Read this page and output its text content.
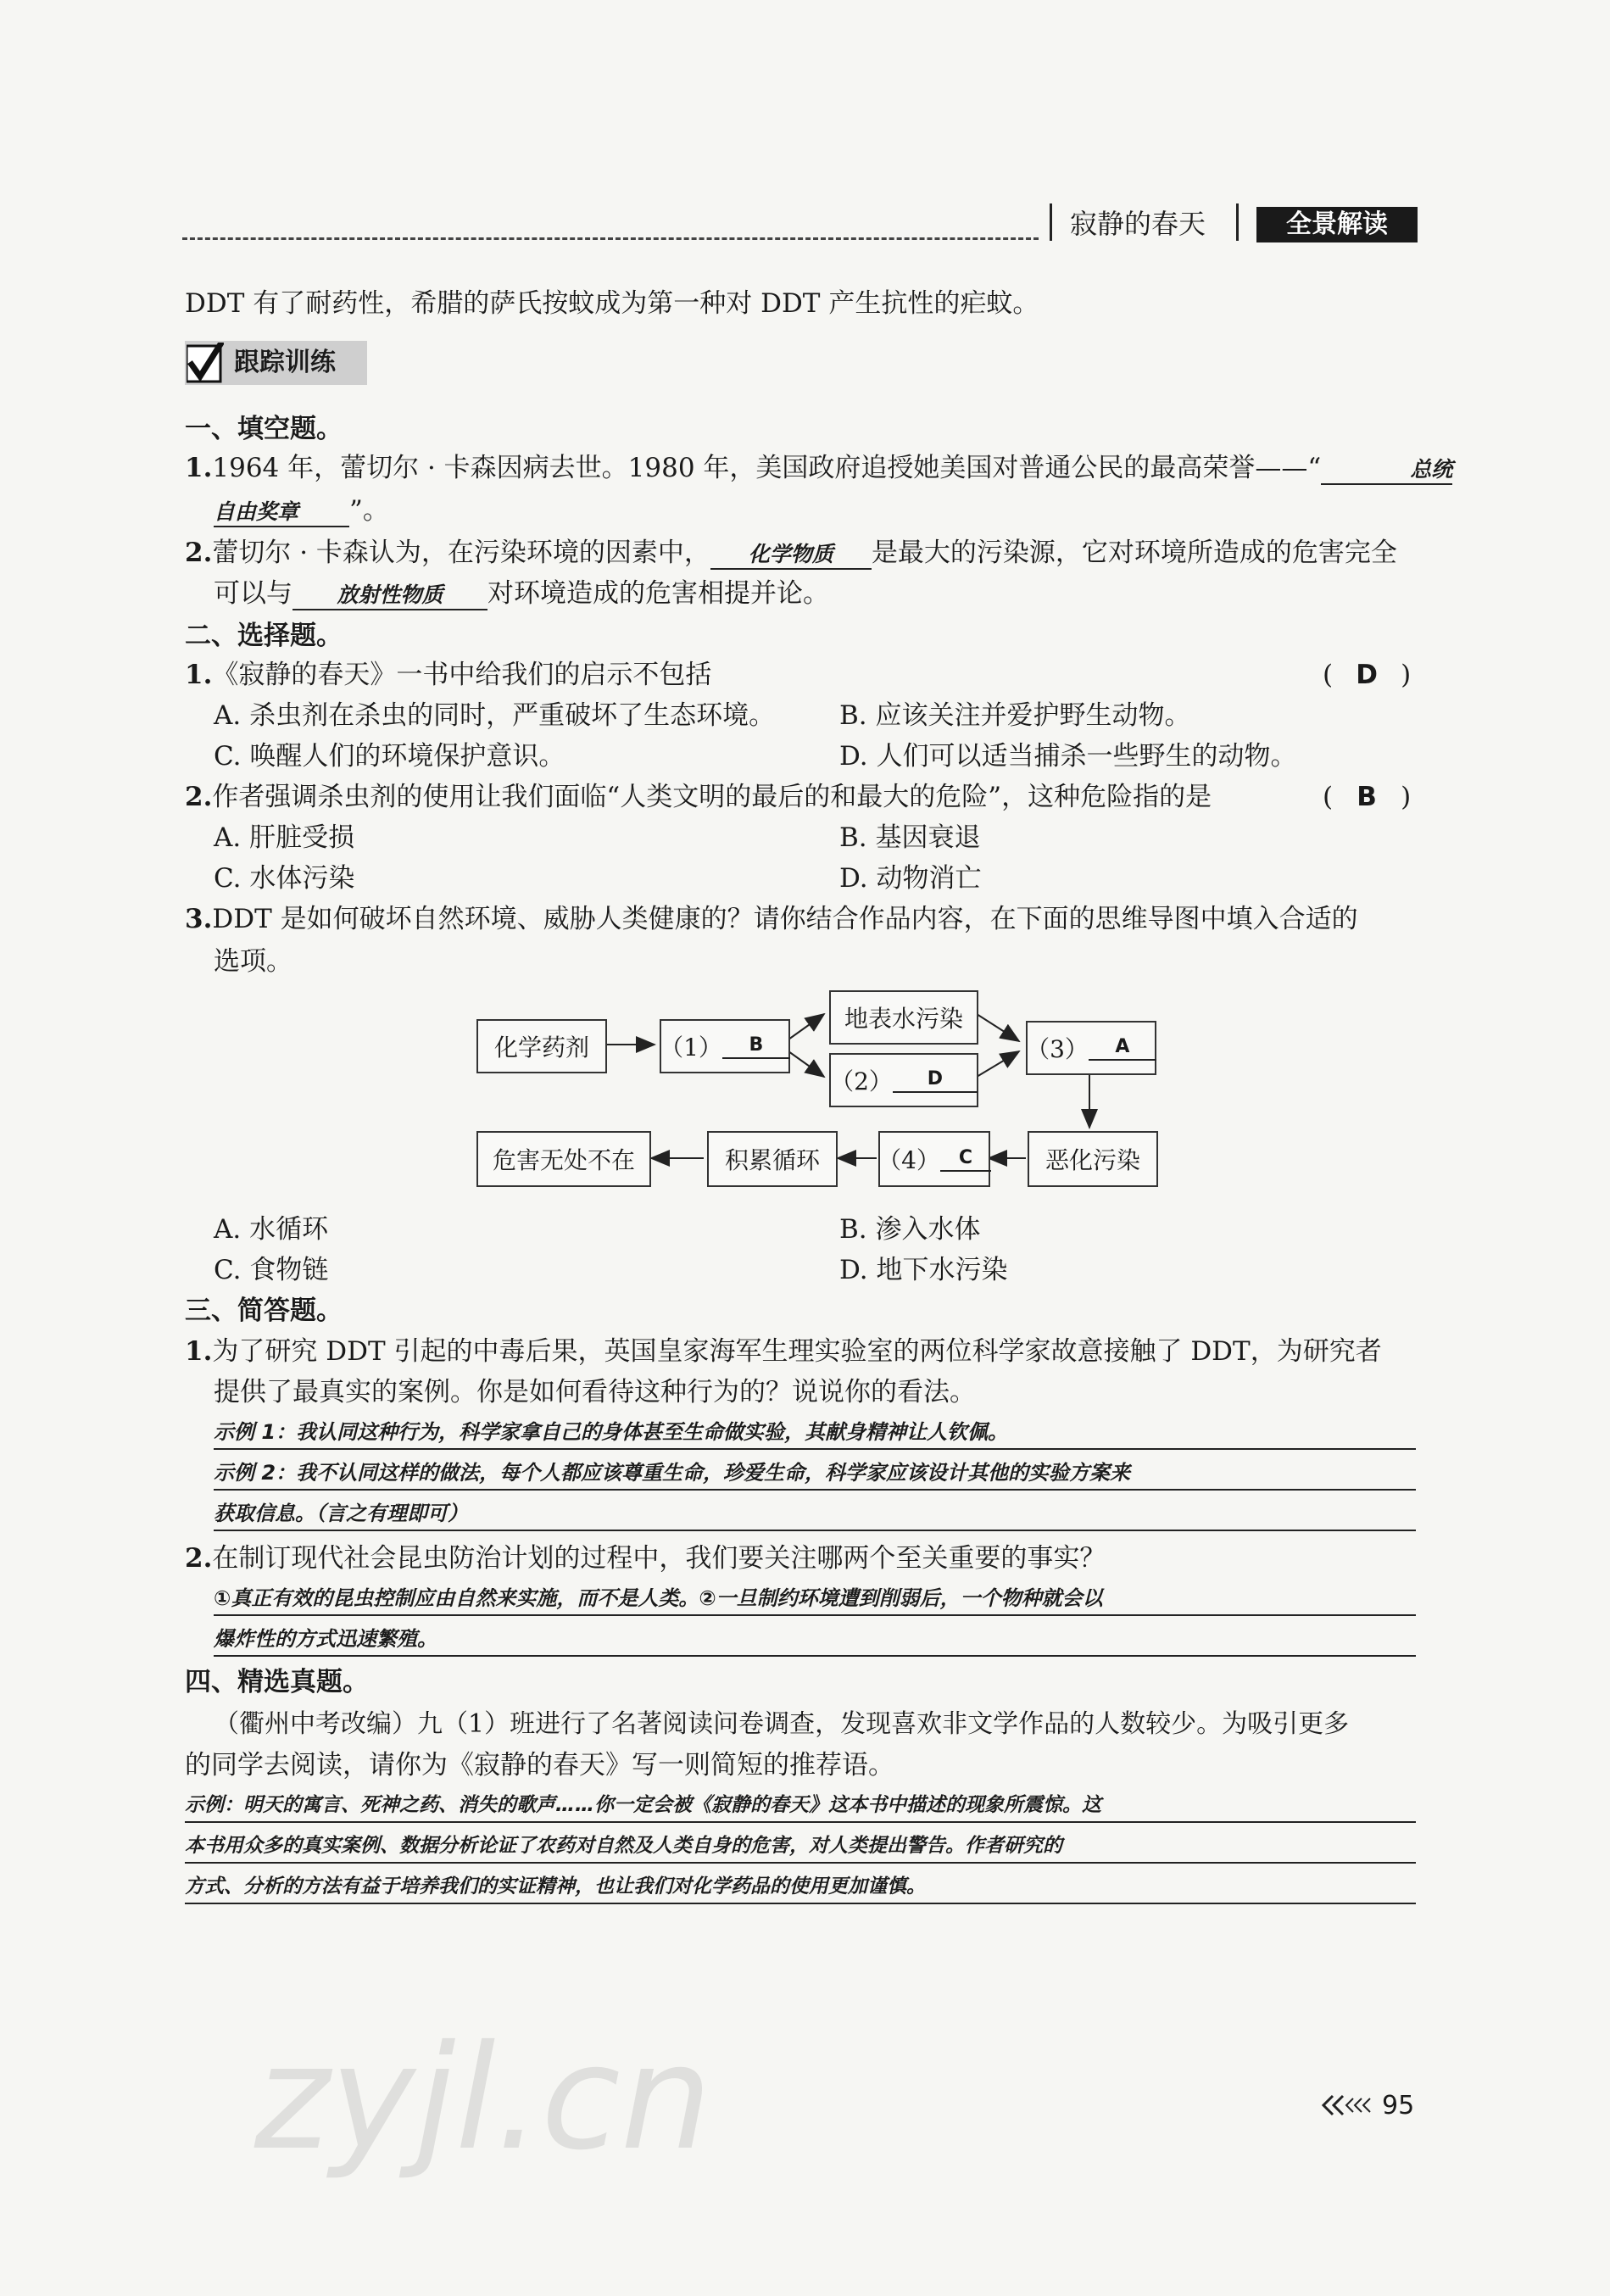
寂静的春天	全景解读
DDT 有了耐药性，希腊的萨氏按蚊成为第一种对 DDT 产生抗性的疟蚊。
跟踪训练
一、填空题。
1.1964 年，蕾切尔 · 卡森因病去世。1980 年，美国政府追授她美国对普通公民的最高荣誉——“	总统
自由奖章 ”。
2.蕾切尔 · 卡森认为，在污染环境的因素中， 化学物质 是最大的污染源，它对环境所造成的危害完全
可以与 放射性物质 对环境造成的危害相提并论。
二、选择题。
1.《寂静的春天》一书中给我们的启示不包括	( D )
A. 杀虫剂在杀虫的同时，严重破坏了生态环境。 B. 应该关注并爱护野生动物。
C. 唤醒人们的环境保护意识。	D. 人们可以适当捕杀一些野生的动物。
2.作者强调杀虫剂的使用让我们面临“人类文明的最后的和最大的危险”，这种危险指的是	( B )
A. 肝脏受损	B. 基因衰退
C. 水体污染	D. 动物消亡
3.DDT 是如何破坏自然环境、威胁人类健康的？请你结合作品内容，在下面的思维导图中填入合适的
选项。
化学药剂	（1）	B
地表水污染
（2）	D
（3）	A
恶化污染
（4） C
积累循环
危害无处不在
A. 水循环	B. 渗入水体
C. 食物链	D. 地下水污染
三、简答题。
1.为了研究 DDT 引起的中毒后果，英国皇家海军生理实验室的两位科学家故意接触了 DDT，为研究者
提供了最真实的案例。你是如何看待这种行为的？说说你的看法。
示例 1：我认同这种行为，科学家拿自己的身体甚至生命做实验，其献身精神让人钦佩。
示例 2：我不认同这样的做法，每个人都应该尊重生命，珍爱生命，科学家应该设计其他的实验方案来
获取信息。（言之有理即可）
2.在制订现代社会昆虫防治计划的过程中，我们要关注哪两个至关重要的事实？
①真正有效的昆虫控制应由自然来实施，而不是人类。②一旦制约环境遭到削弱后，一个物种就会以
爆炸性的方式迅速繁殖。
四、精选真题。
（衢州中考改编）九（1）班进行了名著阅读问卷调查，发现喜欢非文学作品的人数较少。为吸引更多
的同学去阅读，请你为《寂静的春天》写一则简短的推荐语。
示例：明天的寓言、死神之药、消失的歌声……你一定会被《寂静的春天》这本书中描述的现象所震惊。这
本书用众多的真实案例、数据分析论证了农药对自然及人类自身的危害，对人类提出警告。作者研究的
方式、分析的方法有益于培养我们的实证精神，也让我们对化学药品的使用更加谨慎。
zyjl.cn	95
